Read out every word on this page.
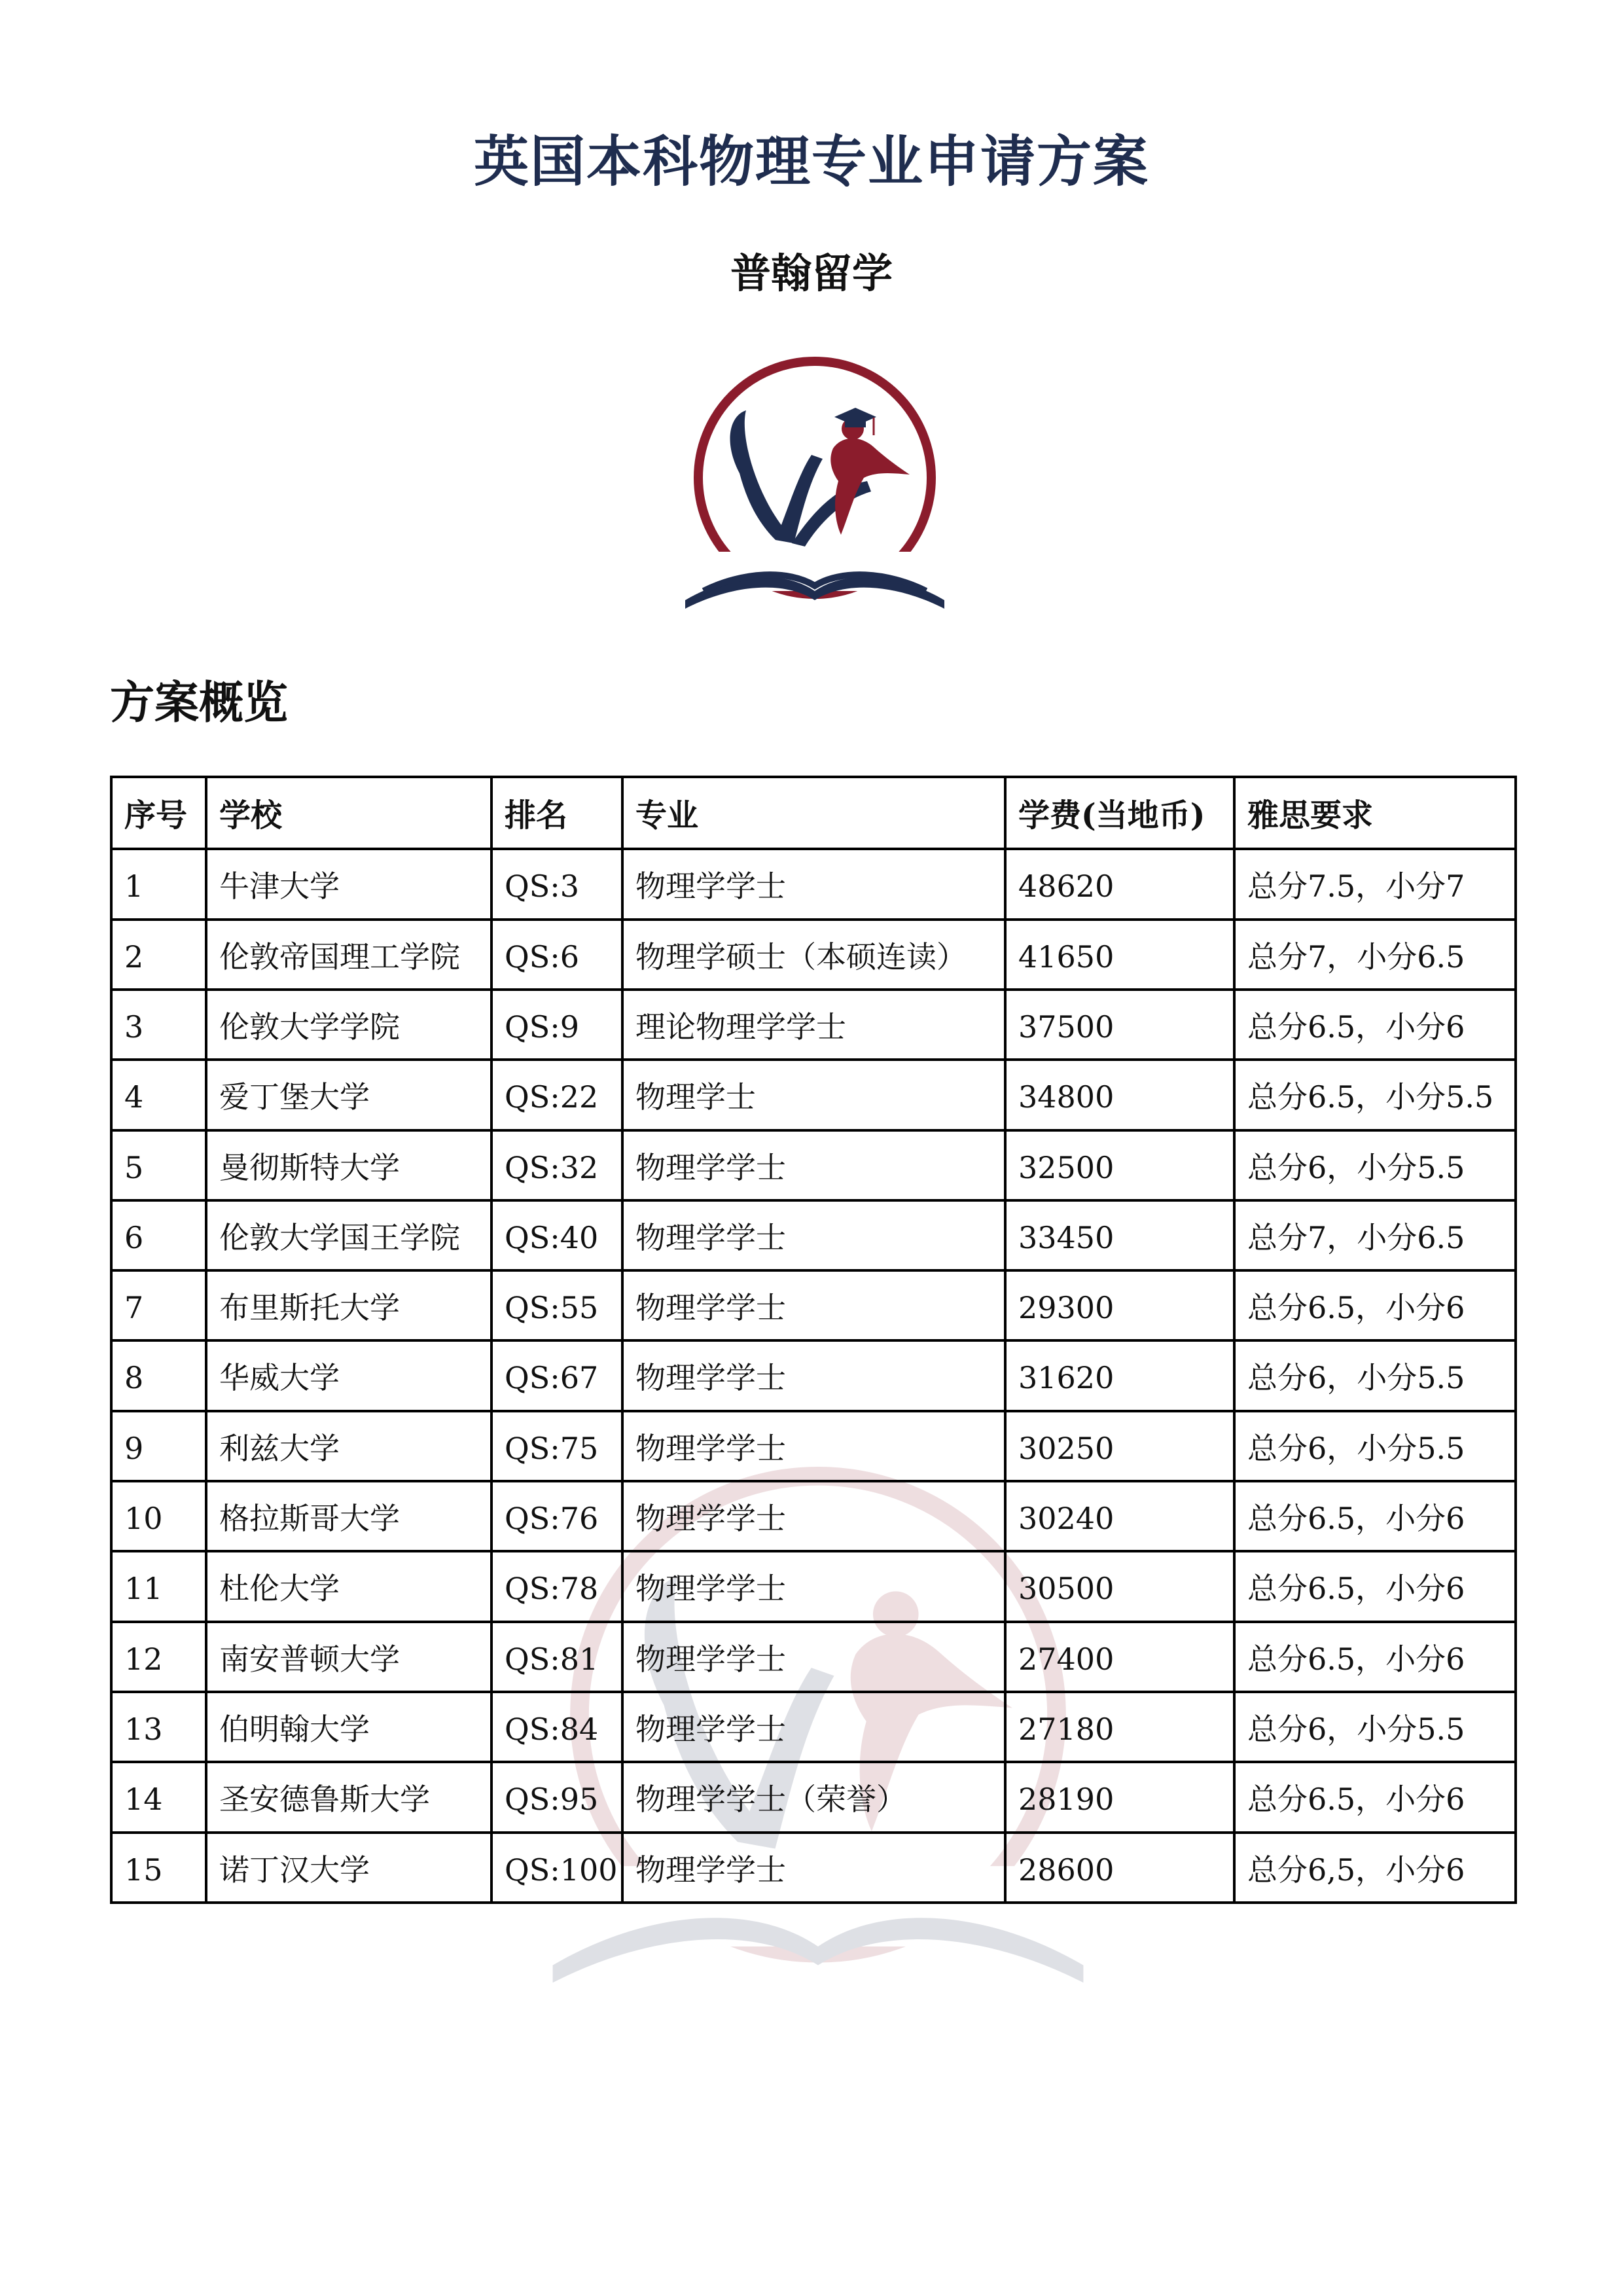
英国本科物理专业申请方案
普翰留学
方案概览
序号	学校	排名	专业	学费(当地币)	雅思要求
1	牛津大学	QS:3	物理学学士	48620	总分7.5，小分7
2	伦敦帝国理工学院	QS:6	物理学硕士（本硕连读）	41650	总分7，小分6.5
3	伦敦大学学院	QS:9	理论物理学学士	37500	总分6.5，小分6
4	爱丁堡大学	QS:22	物理学士	34800	总分6.5，小分5.5
5	曼彻斯特大学	QS:32	物理学学士	32500	总分6，小分5.5
6	伦敦大学国王学院	QS:40	物理学学士	33450	总分7，小分6.5
7	布里斯托大学	QS:55	物理学学士	29300	总分6.5，小分6
8	华威大学	QS:67	物理学学士	31620	总分6，小分5.5
9	利兹大学	QS:75	物理学学士	30250	总分6，小分5.5
10	格拉斯哥大学	QS:76	物理学学士	30240	总分6.5，小分6
11	杜伦大学	QS:78	物理学学士	30500	总分6.5，小分6
12	南安普顿大学	QS:81	物理学学士	27400	总分6.5，小分6
13	伯明翰大学	QS:84	物理学学士	27180	总分6，小分5.5
14	圣安德鲁斯大学	QS:95	物理学学士（荣誉）	28190	总分6.5，小分6
15	诺丁汉大学	QS:100	物理学学士	28600	总分6,5，小分6
